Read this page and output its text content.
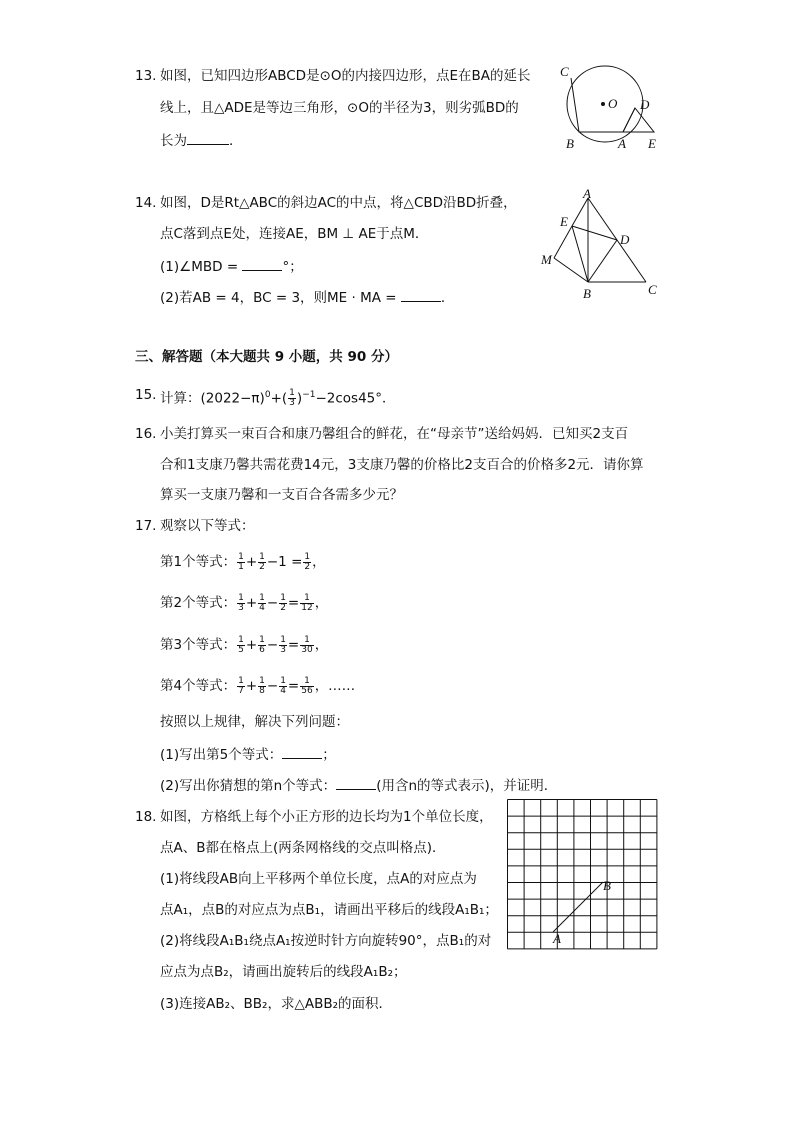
13. 如图，已知四边形ABCD是⊙O的内接四边形，点E在BA的延长
线上，且△ADE是等边三角形，⊙O的半径为3，则劣弧BD的
长为	．
C
O D
B	A E
14. 如图，D是Rt△ABC的斜边AC的中点，将△CBD沿BD折叠，
点C落到点E处，连接AE，BM ⊥ AE于点M．
(1)∠MBD =	°；
(2)若AB = 4，BC = 3，则ME · MA =	．
A
E
D
M
B	C
三、解答题（本大题共 9 小题，共 90 分）
15. 计算：$(2022-\pi)^0+( \frac{1}{3} )^{-1}-2\cos 45^\circ$．
16. 小美打算买一束百合和康乃馨组合的鲜花，在“母亲节”送给妈妈．已知买2支百
合和1支康乃馨共需花费14元，3支康乃馨的价格比2支百合的价格多2元．请你算
算买一支康乃馨和一支百合各需多少元？
17. 观察以下等式：
第1个等式： $\frac{1}{1} + \frac{1}{2} -1 = \frac{1}{2}$ ，
第2个等式： $\frac{1}{3} + \frac{1}{4} - \frac{1}{2} = \frac{1}{12}$ ，
第3个等式： $\frac{1}{5} + \frac{1}{6} - \frac{1}{3} = \frac{1}{30}$ ，
第4个等式： $\frac{1}{7} + \frac{1}{8} - \frac{1}{4} = \frac{1}{56}$ ，……
按照以上规律，解决下列问题：
(1)写出第5个等式：	；
(2)写出你猜想的第n个等式：	(用含n的等式表示)，并证明．
18. 如图，方格纸上每个小正方形的边长均为1个单位长度，
点A、B都在格点上(两条网格线的交点叫格点)．
(1)将线段AB向上平移两个单位长度，点A的对应点为
点A₁，点B的对应点为点B₁，请画出平移后的线段A₁B₁；
(2)将线段A₁B₁绕点A₁按逆时针方向旋转90°，点B₁的对
应点为点B₂，请画出旋转后的线段A₁B₂；
(3)连接AB₂、BB₂，求△ABB₂的面积．
A
B
